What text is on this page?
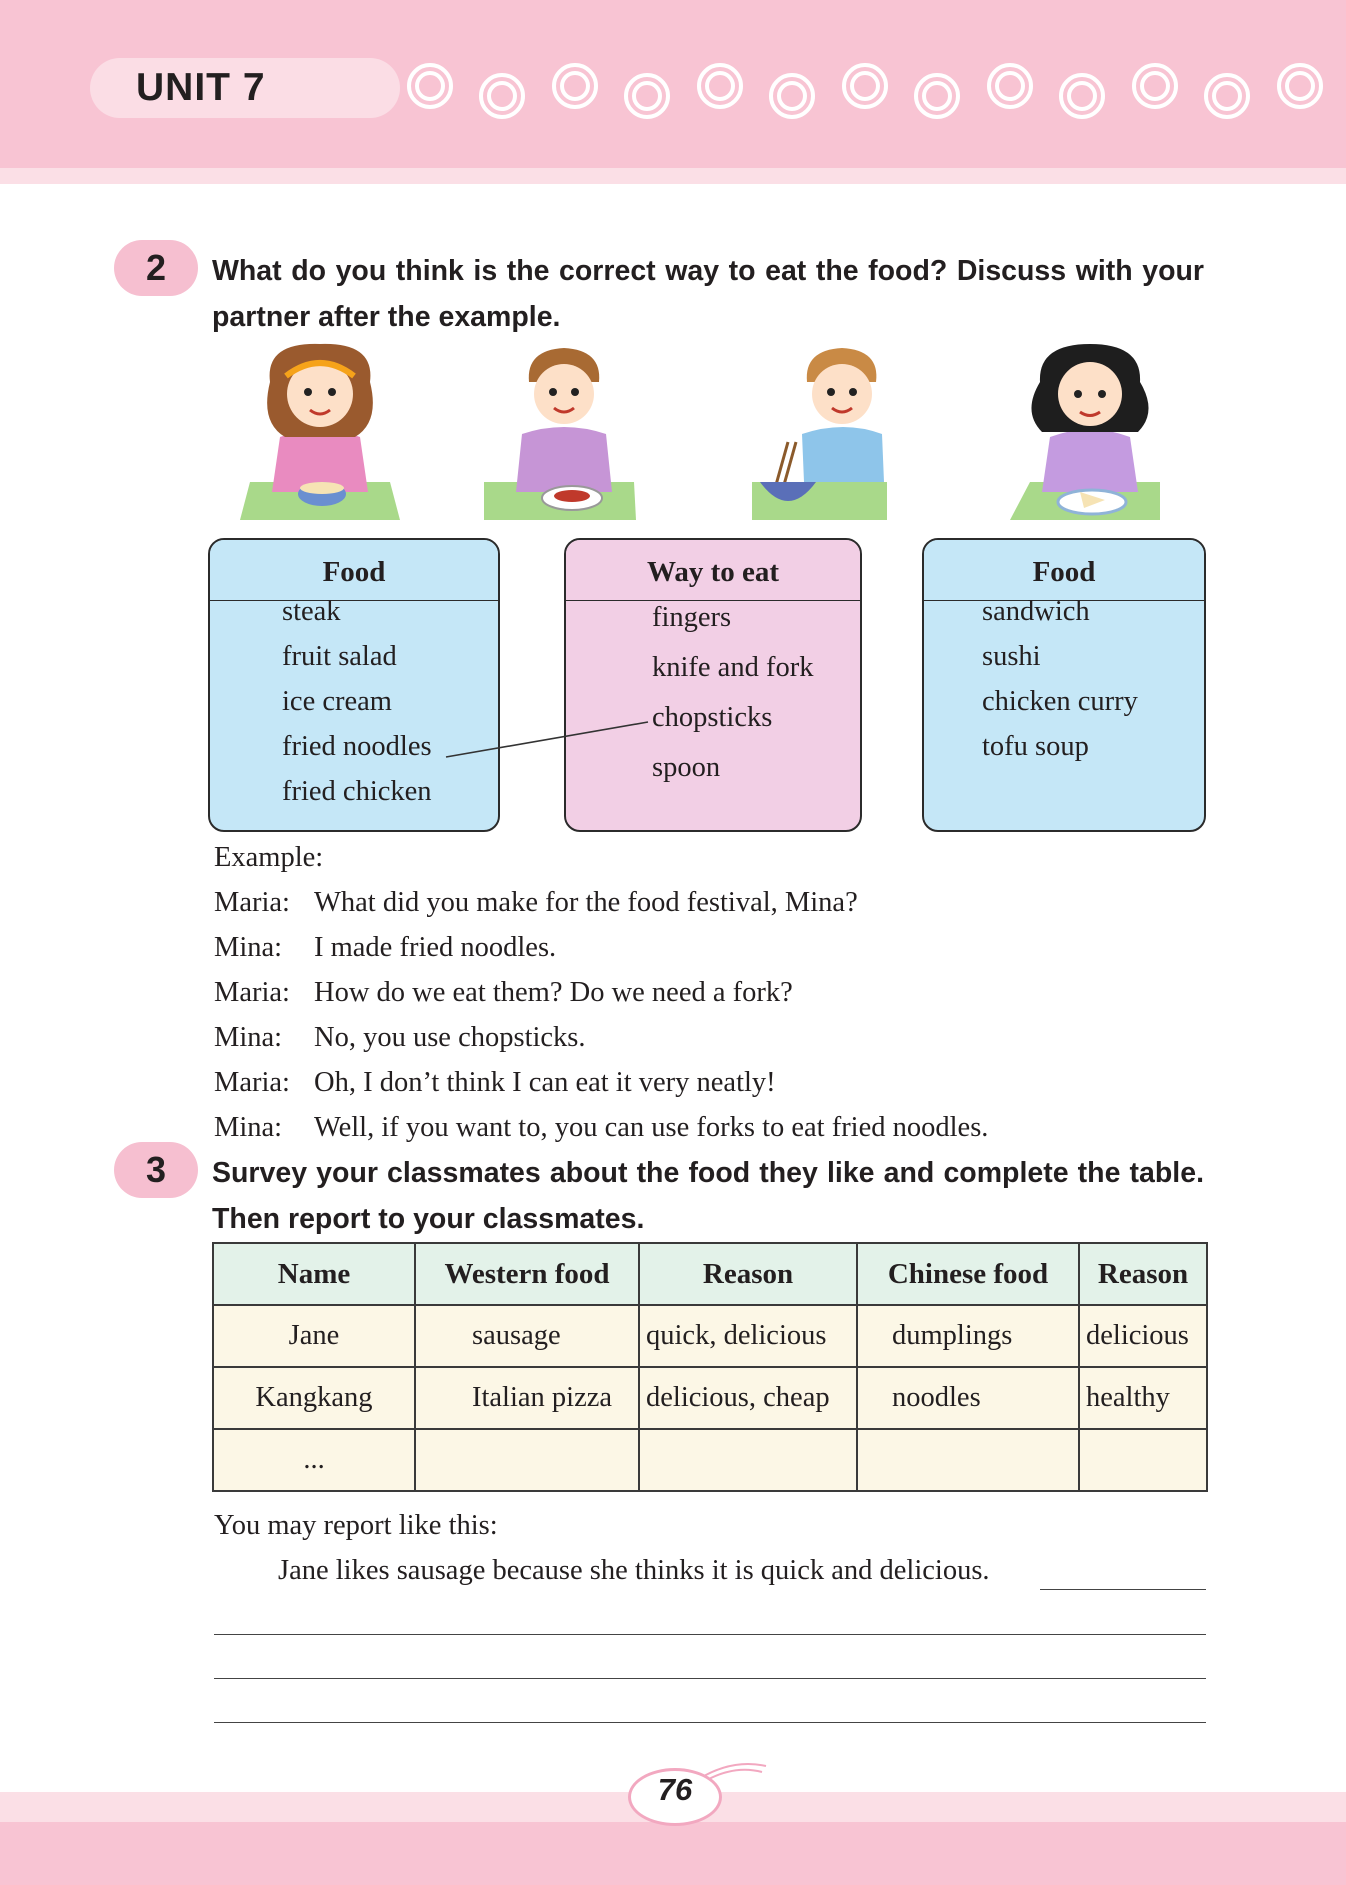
UNIT 7
2	What do you think is the correct way to eat the food? Discuss with your partner after the example.
Food
steak
fruit salad
ice cream
fried noodles
fried chicken
Way to eat
fingers
knife and fork
chopsticks
spoon
Food
sandwich
sushi
chicken curry
tofu soup
Example:
Maria: What did you make for the food festival, Mina?
Mina: I made fried noodles.
Maria: How do we eat them? Do we need a fork?
Mina: No, you use chopsticks.
Maria: Oh, I don’t think I can eat it very neatly!
Mina: Well, if you want to, you can use forks to eat fried noodles.
3	Survey your classmates about the food they like and complete the table. Then report to your classmates.
Name	Western food	Reason	Chinese food	Reason
Jane	sausage	quick, delicious	dumplings	delicious
Kangkang	Italian pizza	delicious, cheap	noodles	healthy
...				
You may report like this:
Jane likes sausage because she thinks it is quick and delicious.
76
